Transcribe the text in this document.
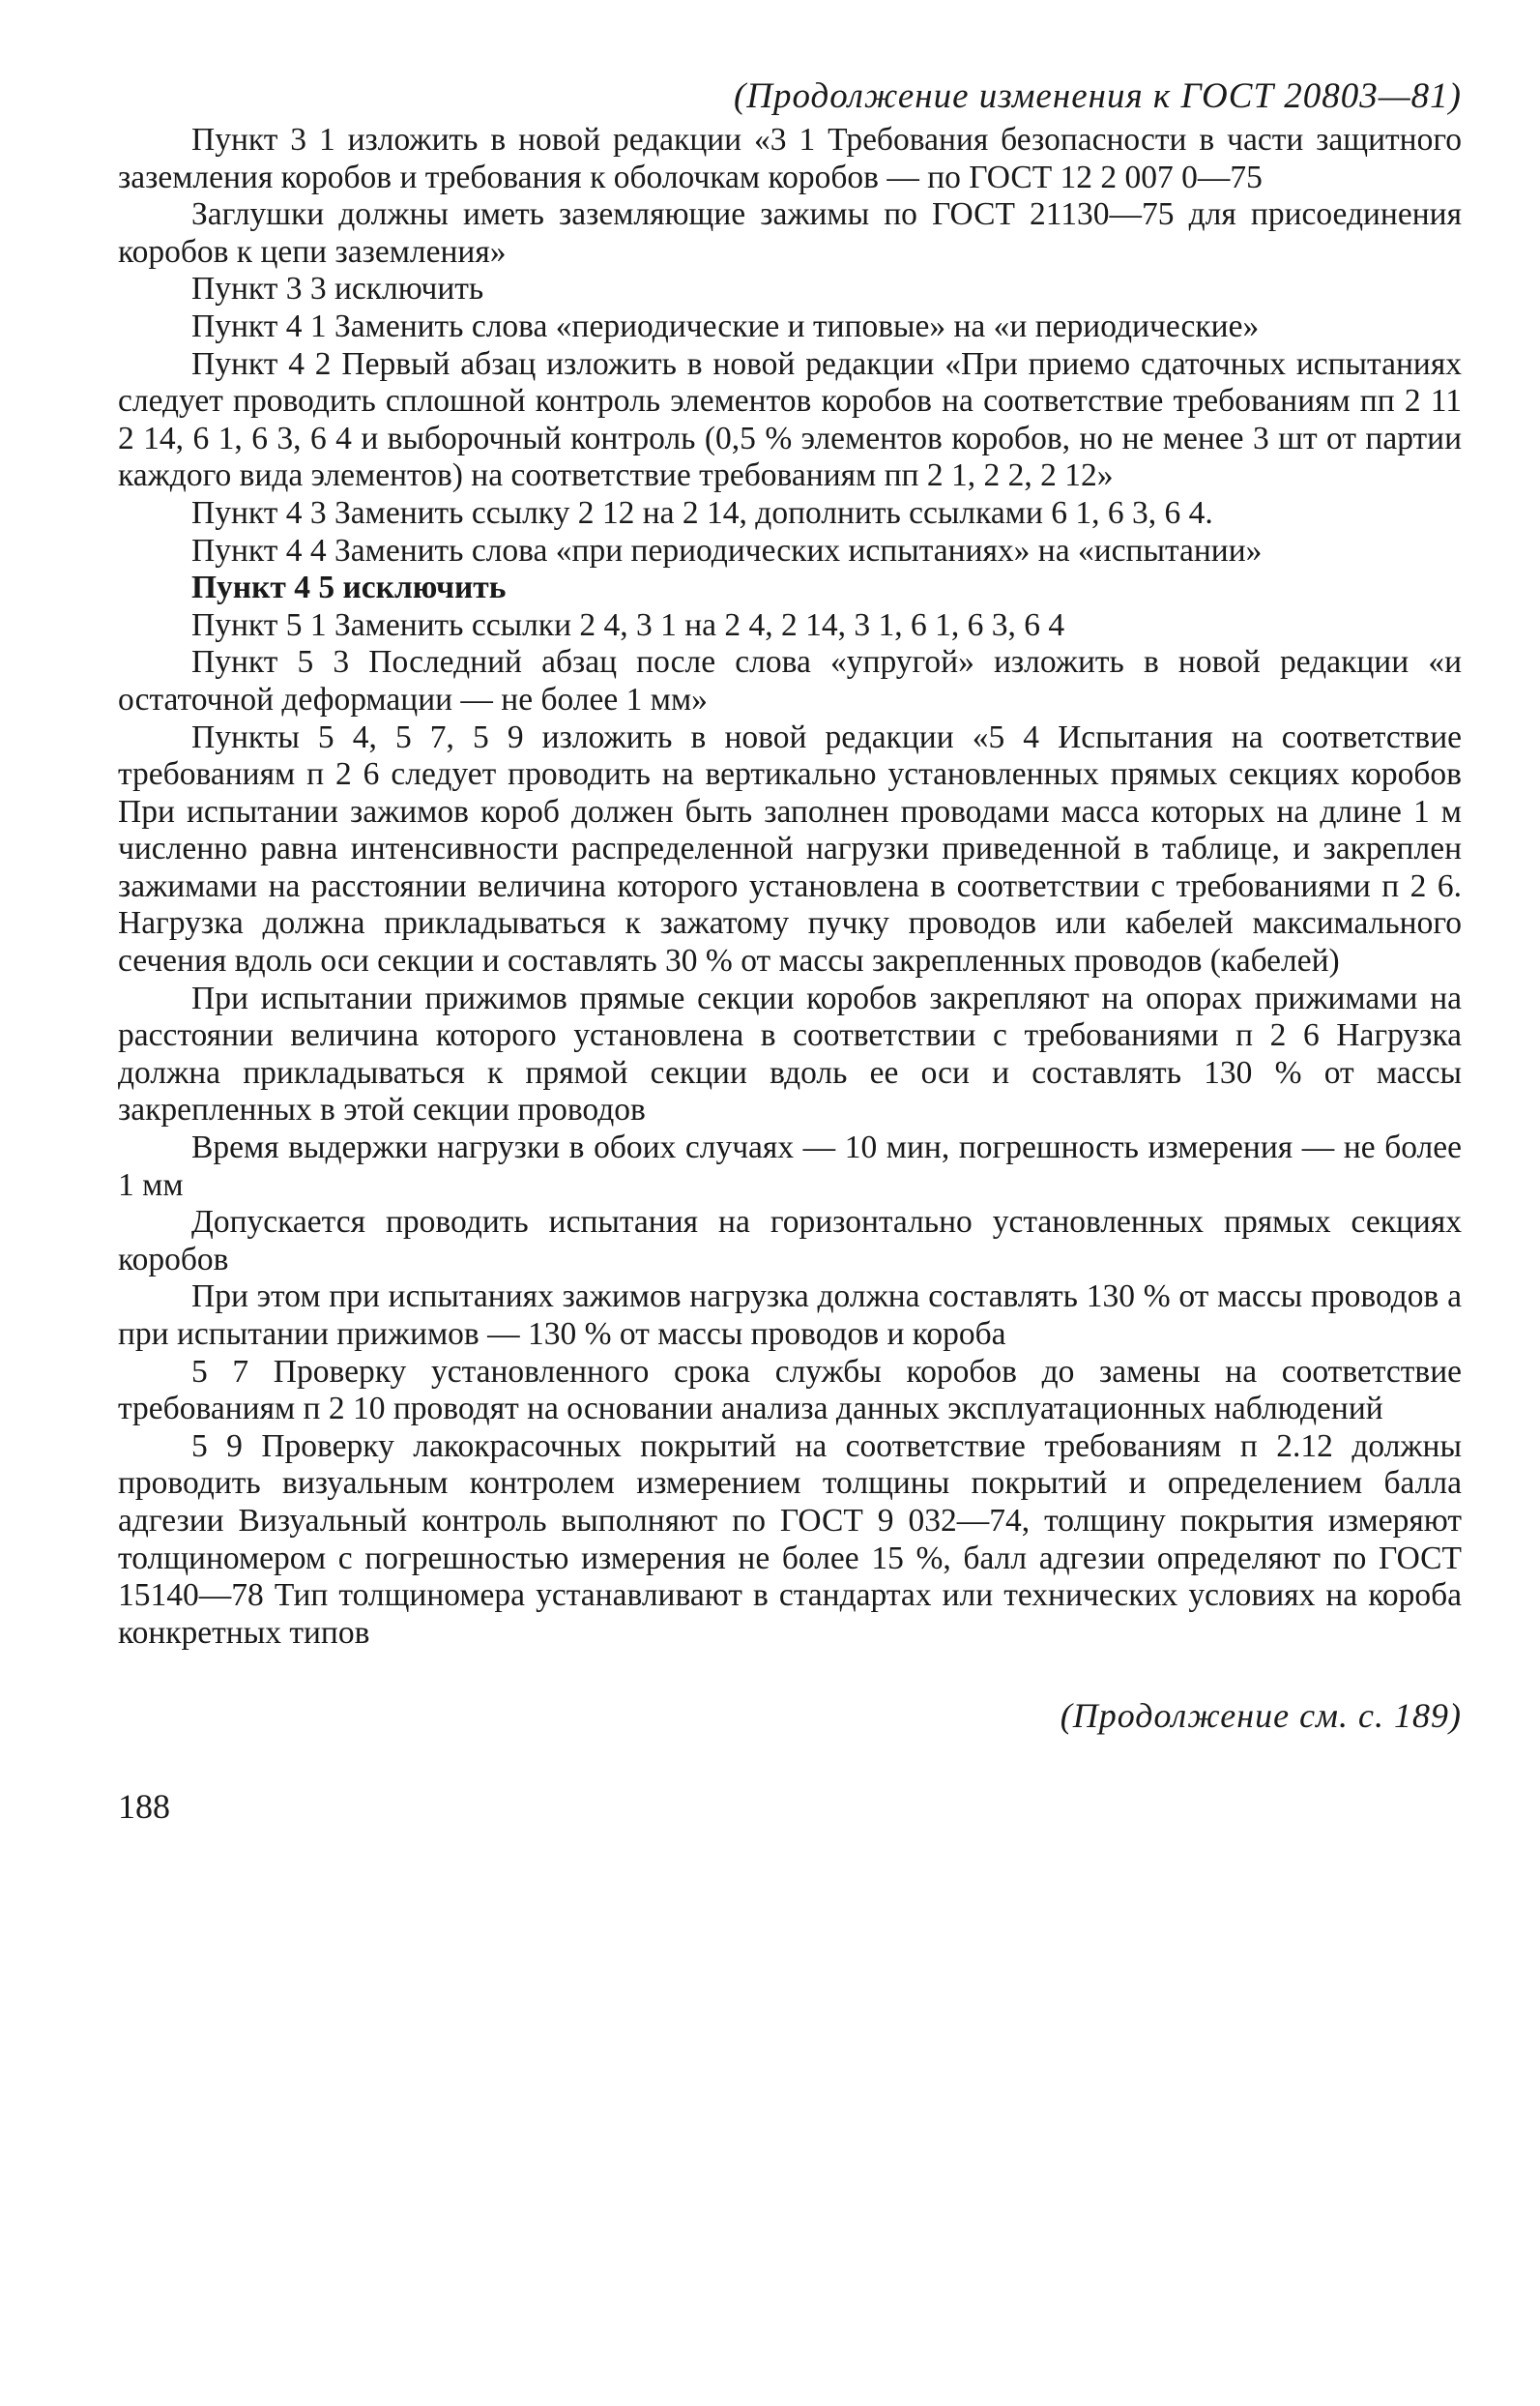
(Продолжение изменения к ГОСТ 20803—81)

Пункт 3 1 изложить в новой редакции «3 1 Требования безопасности в части защитного заземления коробов и требования к оболочкам коробов — по ГОСТ 12 2 007 0—75

Заглушки должны иметь заземляющие зажимы по ГОСТ 21130—75 для присоединения коробов к цепи заземления»

Пункт 3 3 исключить

Пункт 4 1 Заменить слова «периодические и типовые» на «и периодические»

Пункт 4 2 Первый абзац изложить в новой редакции «При приемо сдаточных испытаниях следует проводить сплошной контроль элементов коробов на соответствие требованиям пп 2 11 2 14, 6 1, 6 3, 6 4 и выборочный контроль (0,5 % элементов коробов, но не менее 3 шт от партии каждого вида элементов) на соответствие требованиям пп 2 1, 2 2, 2 12»

Пункт 4 3 Заменить ссылку 2 12 на 2 14, дополнить ссылками 6 1, 6 3, 6 4.

Пункт 4 4 Заменить слова «при периодических испытаниях» на «испытании»

Пункт 4 5 исключить

Пункт 5 1 Заменить ссылки 2 4, 3 1 на 2 4, 2 14, 3 1, 6 1, 6 3, 6 4

Пункт 5 3 Последний абзац после слова «упругой» изложить в новой редакции «и остаточной деформации — не более 1 мм»

Пункты 5 4, 5 7, 5 9 изложить в новой редакции «5 4 Испытания на соответствие требованиям п 2 6 следует проводить на вертикально установленных прямых секциях коробов При испытании зажимов короб должен быть заполнен проводами масса которых на длине 1 м численно равна интенсивности распределенной нагрузки приведенной в таблице, и закреплен зажимами на расстоянии величина которого установлена в соответствии с требованиями п 2 6. Нагрузка должна прикладываться к зажатому пучку проводов или кабелей максимального сечения вдоль оси секции и составлять 30 % от массы закрепленных проводов (кабелей)

При испытании прижимов прямые секции коробов закрепляют на опорах прижимами на расстоянии величина которого установлена в соответствии с требованиями п 2 6 Нагрузка должна прикладываться к прямой секции вдоль ее оси и составлять 130 % от массы закрепленных в этой секции проводов

Время выдержки нагрузки в обоих случаях — 10 мин, погрешность измерения — не более 1 мм

Допускается проводить испытания на горизонтально установленных прямых секциях коробов

При этом при испытаниях зажимов нагрузка должна составлять 130 % от массы проводов а при испытании прижимов — 130 % от массы проводов и короба

5 7 Проверку установленного срока службы коробов до замены на соответствие требованиям п 2 10 проводят на основании анализа данных эксплуатационных наблюдений

5 9 Проверку лакокрасочных покрытий на соответствие требованиям п 2.12 должны проводить визуальным контролем измерением толщины покрытий и определением балла адгезии Визуальный контроль выполняют по ГОСТ 9 032—74, толщину покрытия измеряют толщиномером с погрешностью измерения не более 15 %, балл адгезии определяют по ГОСТ 15140—78 Тип толщиномера устанавливают в стандартах или технических условиях на короба конкретных типов

(Продолжение см. с. 189)
188
